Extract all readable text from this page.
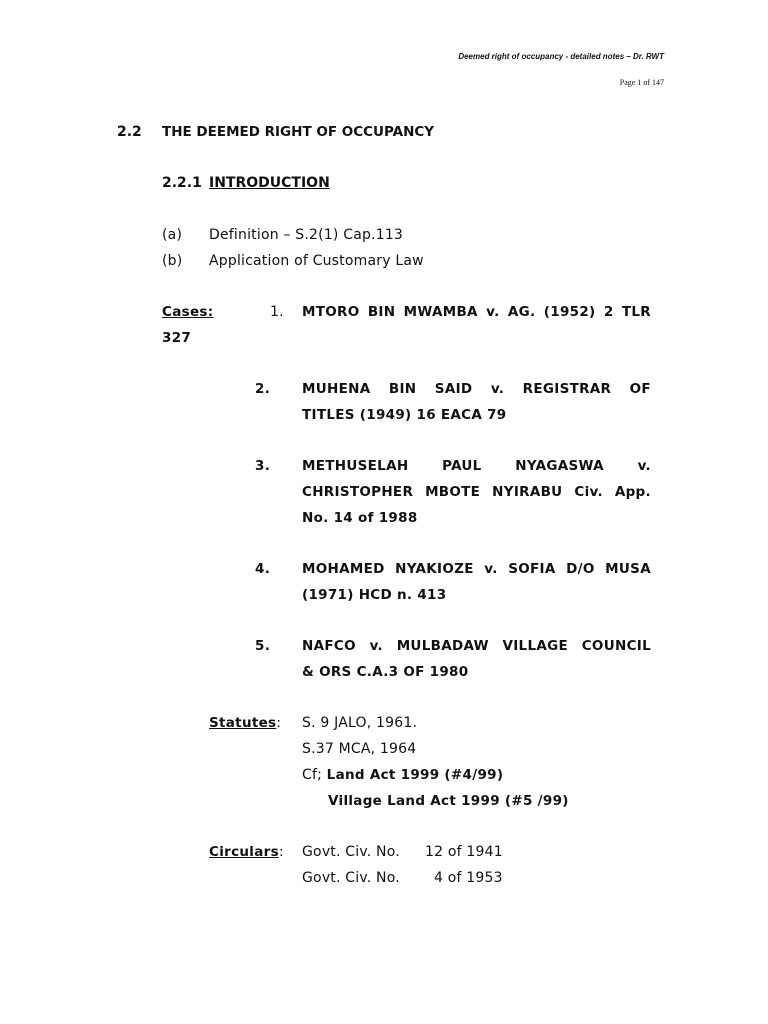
Deemed right of occupancy - detailed notes – Dr. RWT
Page 1 of 147
2.2 THE DEEMED RIGHT OF OCCUPANCY
2.2.1 INTRODUCTION
(a) Definition – S.2(1) Cap.113
(b) Application of Customary Law
Cases:	1. MTORO BIN MWAMBA v. AG. (1952) 2 TLR
327
2. MUHENA BIN SAID v. REGISTRAR OF
TITLES (1949) 16 EACA 79
3. METHUSELAH PAUL NYAGASWA v.
CHRISTOPHER MBOTE NYIRABU Civ. App.
No. 14 of 1988
4. MOHAMED NYAKIOZE v. SOFIA D/O MUSA
(1971) HCD n. 413
5. NAFCO v. MULBADAW VILLAGE COUNCIL
& ORS C.A.3 OF 1980
Statutes: S. 9 JALO, 1961.
S.37 MCA, 1964
Cf; Land Act 1999 (#4/99)
Village Land Act 1999 (#5 /99)
Circulars: Govt. Civ. No. 12 of 1941
Govt. Civ. No. 4 of 1953
